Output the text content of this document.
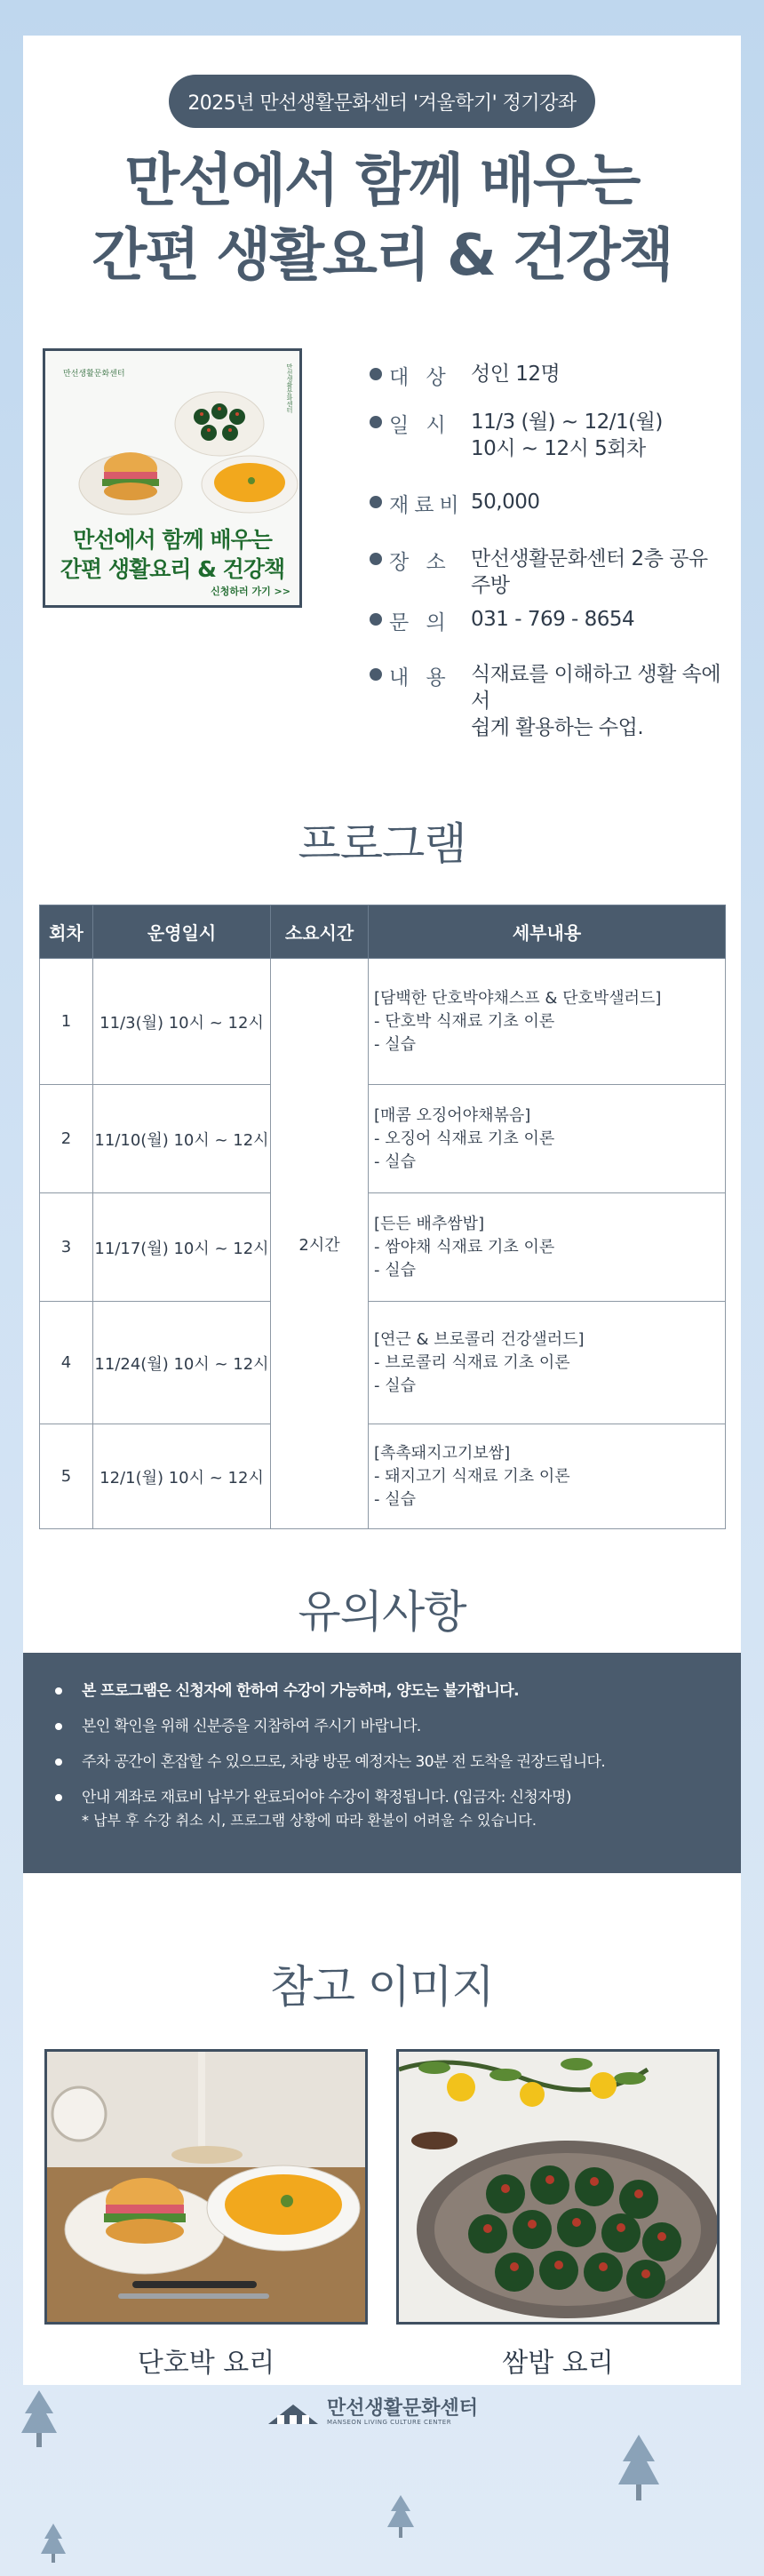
2025년 만선생활문화센터 '겨울학기' 정기강좌
만선에서 함께 배우는
간편 생활요리 & 건강책
만선생활문화센터	만선생활문화센터
만선에서 함께 배우는
간편 생활요리 & 건강책
신청하러 가기 >>
대 상 성인 12명
일 시 11/3 (월) ~ 12/1(월)
10시 ~ 12시 5회차
재료비 50,000
장 소 만선생활문화센터 2층 공유주방
문 의 031 - 769 - 8654
내 용 식재료를 이해하고 생활 속에서
쉽게 활용하는 수업.
프로그램
회차	운영일시	소요시간	세부내용
1	11/3(월) 10시 ~ 12시	2시간	[담백한 단호박야채스프 & 단호박샐러드]
- 단호박 식재료 기초 이론
- 실습
2	11/10(월) 10시 ~ 12시		[매콤 오징어야채볶음]
- 오징어 식재료 기초 이론
- 실습
3	11/17(월) 10시 ~ 12시		[든든 배추쌈밥]
- 쌈야채 식재료 기초 이론
- 실습
4	11/24(월) 10시 ~ 12시		[연근 & 브로콜리 건강샐러드]
- 브로콜리 식재료 기초 이론
- 실습
5	12/1(월) 10시 ~ 12시		[촉촉돼지고기보쌈]
- 돼지고기 식재료 기초 이론
- 실습
유의사항
본 프로그램은 신청자에 한하여 수강이 가능하며, 양도는 불가합니다.
본인 확인을 위해 신분증을 지참하여 주시기 바랍니다.
주차 공간이 혼잡할 수 있으므로, 차량 방문 예정자는 30분 전 도착을 권장드립니다.
안내 계좌로 재료비 납부가 완료되어야 수강이 확정됩니다. (입금자: 신청자명)
* 납부 후 수강 취소 시, 프로그램 상황에 따라 환불이 어려울 수 있습니다.
참고 이미지
단호박 요리	쌈밥 요리
만선생활문화센터
MANSEON LIVING CULTURE CENTER
